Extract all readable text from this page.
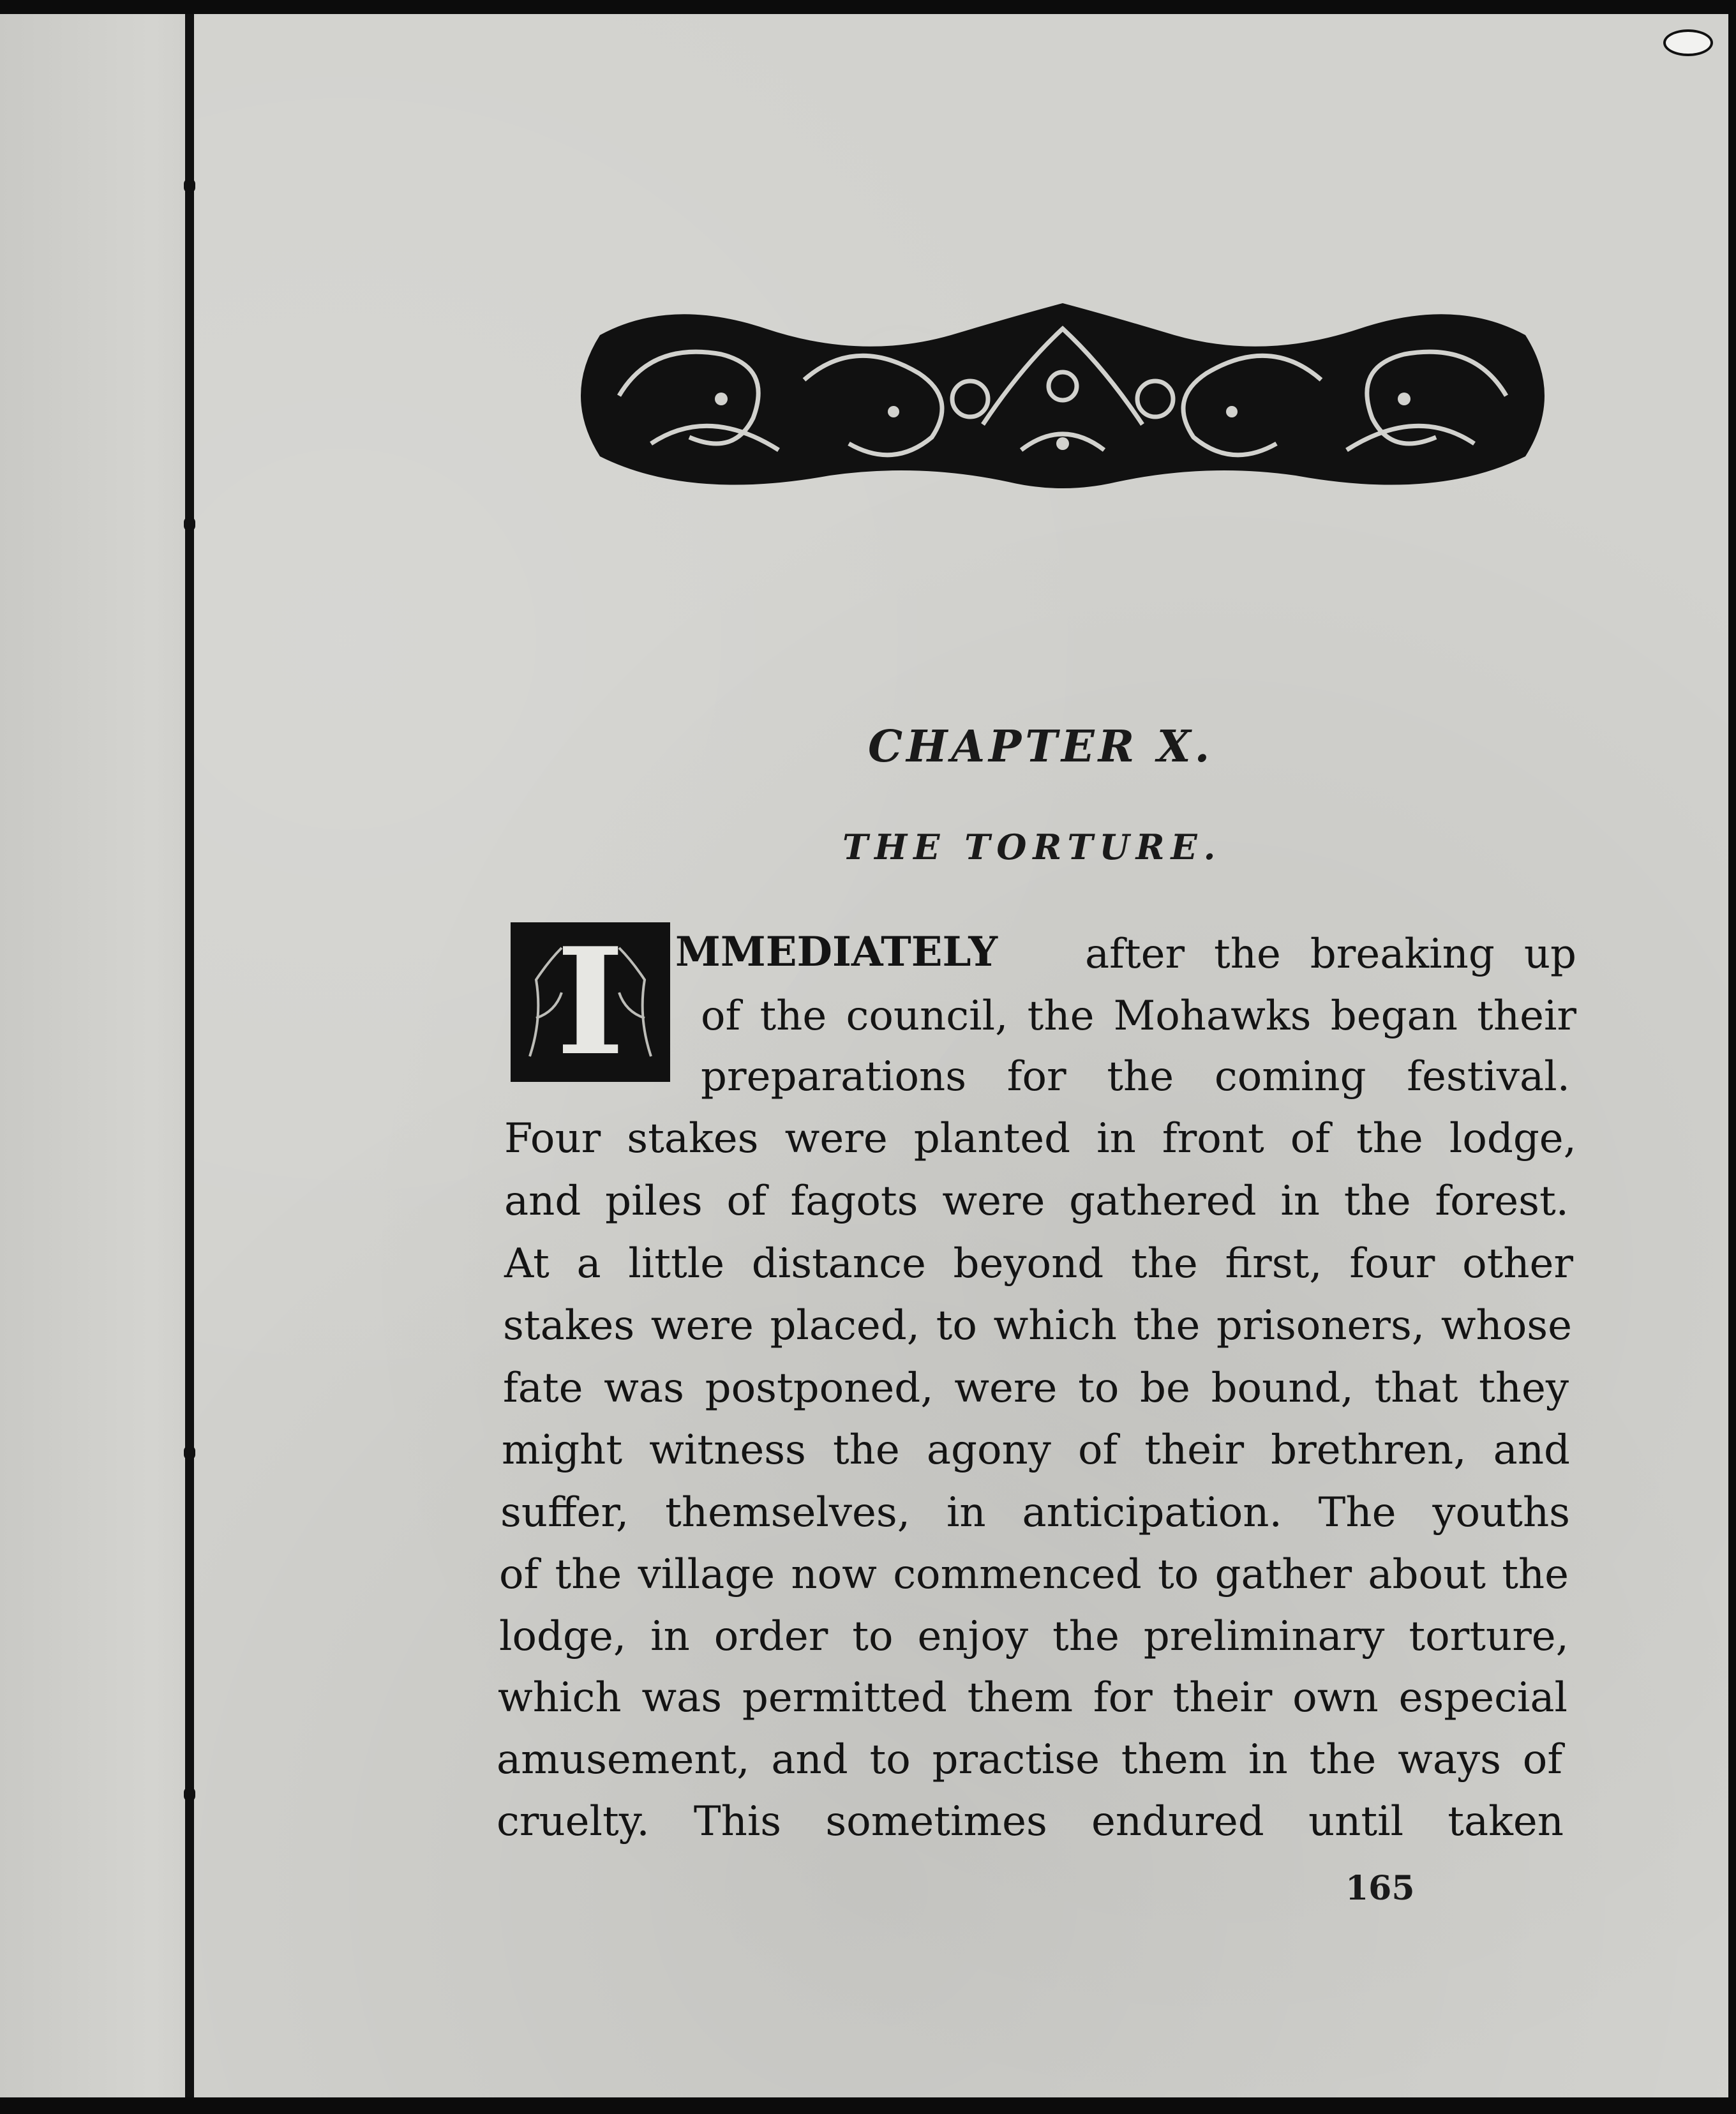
CHAPTER X.
THE TORTURE.
I MMEDIATELY after the breaking up
of the council, the Mohawks began their
preparations for the coming festival.
Four stakes were planted in front of the lodge,
and piles of fagots were gathered in the forest.
At a little distance beyond the first, four other
stakes were placed, to which the prisoners, whose
fate was postponed, were to be bound, that they
might witness the agony of their brethren, and
suffer, themselves, in anticipation. The youths
of the village now commenced to gather about the
lodge, in order to enjoy the preliminary torture,
which was permitted them for their own especial
amusement, and to practise them in the ways of
cruelty. This sometimes endured until taken
165
